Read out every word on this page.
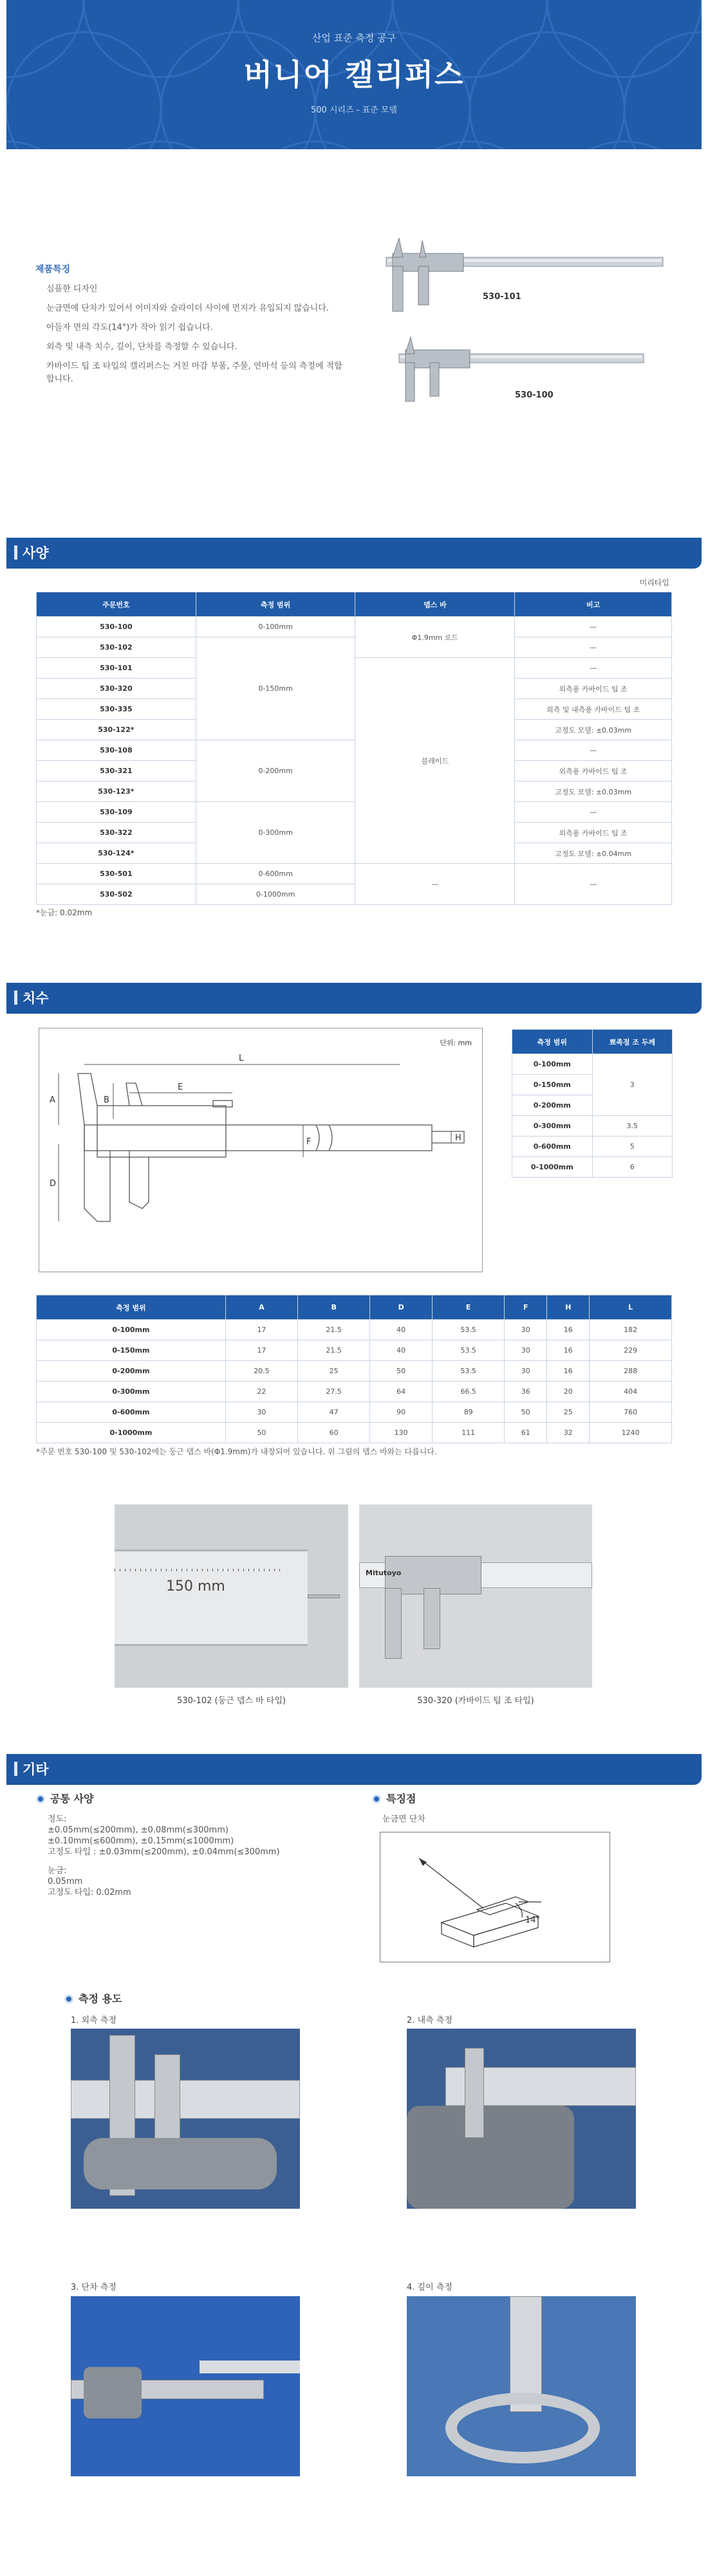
산업 표준 측정 공구
버니어 캘리퍼스
500 시리즈 - 표준 모델
제품특징

심플한 디자인

눈금면에 단차가 있어서 어미자와 슬라이더 사이에 먼지가 유입되지 않습니다.

아들자 면의 각도(14°)가 작아 읽기 쉽습니다.

외측 및 내측 치수, 깊이, 단차를 측정할 수 있습니다.

카바이드 팁 조 타입의 캘리퍼스는 거친 마감 부품, 주물, 연마석 등의 측정에 적합합니다.

530-101
530-100
사양
미리타입
주문번호	측정 범위	뎁스 바	비고
530-100	0-100mm	Φ1.9mm 로드	—
530-102	0-150mm		—
530-101		블레이드	—
530-320			외측용 카바이드 팁 조
530-335			외측 및 내측용 카바이드 팁 조
530-122*			고정도 모델: ±0.03mm
530-108	0-200mm		—
530-321			외측용 카바이드 팁 조
530-123*			고정도 모델: ±0.03mm
530-109	0-300mm		—
530-322			외측용 카바이드 팁 조
530-124*			고정도 모델: ±0.04mm
530-501	0-600mm	—	—
530-502	0-1000mm		
*눈금: 0.02mm
치수
단위: mm
L
E
A	B
D
F	H
측정 범위	뾰족점 조 두께
0-100mm	3
0-150mm	
0-200mm	
0-300mm	3.5
0-600mm	5
0-1000mm	6
측정 범위	A	B	D	E	F	H	L
0-100mm	17	21.5	40	53.5	30	16	182
0-150mm	17	21.5	40	53.5	30	16	229
0-200mm	20.5	25	50	53.5	30	16	288
0-300mm	22	27.5	64	66.5	36	20	404
0-600mm	30	47	90	89	50	25	760
0-1000mm	50	60	130	111	61	32	1240
*주문 번호 530-100 및 530-102에는 둥근 뎁스 바(Φ1.9mm)가 내장되어 있습니다. 위 그림의 뎁스 바와는 다릅니다.
150 mm
530-102 (둥근 뎁스 바 타입)
Mitutoyo
530-320 (카바이드 팁 조 타입)
기타
공통 사양
정도:
±0.05mm(≤200mm), ±0.08mm(≤300mm)
±0.10mm(≤600mm), ±0.15mm(≤1000mm)
고정도 타입 : ±0.03mm(≤200mm), ±0.04mm(≤300mm)
눈금:
0.05mm
고정도 타입: 0.02mm
특징점
눈금면 단차
14°
측정 용도
1. 외측 측정	2. 내측 측정
3. 단차 측정	4. 깊이 측정
